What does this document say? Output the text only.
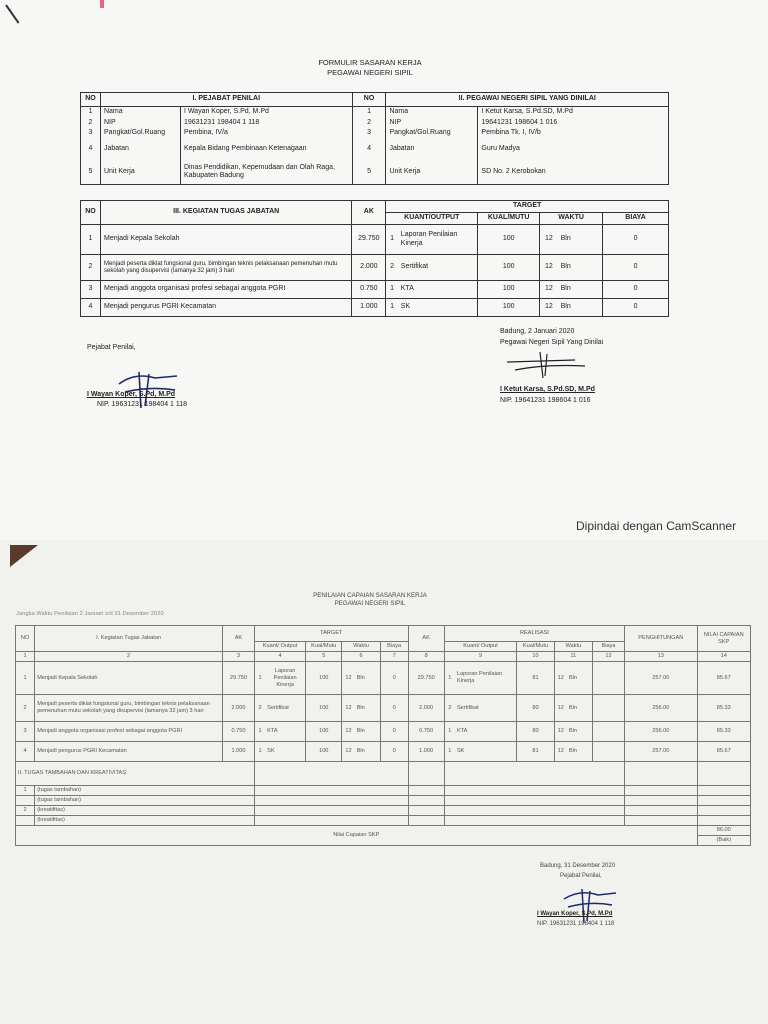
FORMULIR SASARAN KERJA
PEGAWAI NEGERI SIPIL
NO	I. PEJABAT PENILAI		NO	II. PEGAWAI NEGERI SIPIL YANG DINILAI	
1	Nama	I Wayan Koper, S.Pd, M.Pd	1	Nama	I Ketut Karsa, S.Pd.SD, M.Pd
2	NIP	19631231 198404 1 118	2	NIP	19641231 198604 1 016
3	Pangkat/Gol.Ruang	Pembina, IV/a	3	Pangkat/Gol.Ruang	Pembina Tk. I, IV/b
4	Jabatan	Kepala Bidang Pembinaan Ketenagaan	4	Jabatan	Guru Madya
5	Unit Kerja	Dinas Pendidikan, Kepemudaan dan Olah Raga, Kabupaten Badung	5	Unit Kerja	SD No. 2 Kerobokan
NO	III. KEGIATAN TUGAS JABATAN	AK	TARGET					
			KUANT/OUTPUT		KUAL/MUTU	WAKTU		BIAYA
1	Menjadi Kepala Sekolah	29.750	1	Laporan Penilaian Kinerja	100	12	Bln	0
2	Menjadi peserta diklat fungsional guru, bimbingan teknis pelaksanaan pemenuhan mutu sekolah yang disupervisi (lamanya 32 jam) 3 hari	2.000	2	Sertifikat	100	12	Bln	0
3	Menjadi anggota organisasi profesi sebagai anggota PGRI	0.750	1	KTA	100	12	Bln	0
4	Menjadi pengurus PGRI Kecamatan	1.000	1	SK	100	12	Bln	0
Badung, 2 Januari 2020
Pegawai Negeri Sipil Yang Dinilai
I Ketut Karsa, S.Pd.SD, M.Pd
NIP. 19641231 198604 1 016
Pejabat Penilai,
I Wayan Koper, S.Pd, M.Pd
NIP. 19631231 198404 1 118
Dipindai dengan CamScanner
PENILAIAN CAPAIAN SASARAN KERJA
PEGAWAI NEGERI SIPIL
Jangka Waktu Penilaian 2 Januari s/d 31 Desember 2020
NO	I. Kegiatan Tugas Jabatan	AK	TARGET						AK	REALISASI						PENGHITUNGAN	NILAI CAPAIAN SKP
			Kuant/ Output		Kual/Mutu	Waktu		Biaya		Kuant/ Output		Kual/Mutu	Waktu		Biaya		
1	2	3	4		5	6		7	8	9		10	11		12	13	14
1	Menjadi Kepala Sekolah	29.750	1	Laporan Penilaian Kinerja	100	12	Bln	0	29.750	1	Laporan Penilaian Kinerja	81	12	Bln		257.00	85.67
2	Menjadi peserta diklat fungsional guru, bimbingan teknis pelaksanaan pemenuhan mutu sekolah yang disupervisi (lamanya 32 jam) 3 hari	2.000	2	Sertifikat	100	12	Bln	0	2.000	2	Sertifikat	80	12	Bln		256.00	85.33
3	Menjadi anggota organisasi profesi sebagai anggota PGRI	0.750	1	KTA	100	12	Bln	0	0.750	1	KTA	80	12	Bln		256.00	85.33
4	Menjadi pengurus PGRI Kecamatan	1.000	1	SK	100	12	Bln	0	1.000	1	SK	81	12	Bln		257.00	85.67
II. TUGAS TAMBAHAN DAN KREATIVITAS:																	
1	(tugas tambahan)																
	(tugas tambahan)																
2	(kreatifitas)																
	(kreatifitas)																
Nilai Capaian SKP																	86.00
																	(Baik)
Badung, 31 Desember 2020
Pejabat Penilai,
I Wayan Koper, S.Pd, M.Pd
NIP. 19631231 198404 1 118
